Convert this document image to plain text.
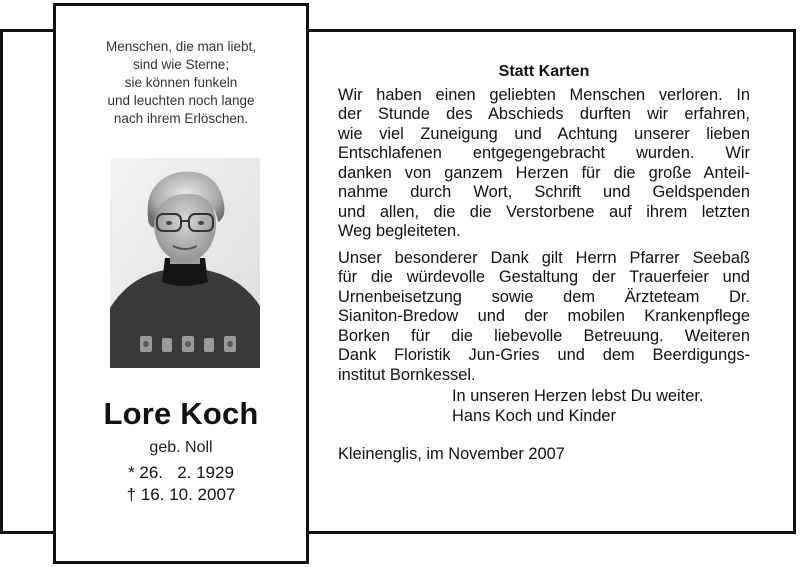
Menschen, die man liebt,
sind wie Sterne;
sie können funkeln
und leuchten noch lange
nach ihrem Erlöschen.
Lore Koch
geb. Noll
* 26.   2. 1929
† 16. 10. 2007
Statt Karten

Wir haben einen geliebten Menschen verloren. In

der Stunde des Abschieds durften wir erfahren,

wie viel Zuneigung und Achtung unserer lieben

Entschlafenen entgegengebracht wurden. Wir

danken von ganzem Herzen für die große Anteil-

nahme durch Wort, Schrift und Geldspenden

und allen, die die Verstorbene auf ihrem letzten

Weg begleiteten.

Unser besonderer Dank gilt Herrn Pfarrer Seebaß

für die würdevolle Gestaltung der Trauerfeier und

Urnenbeisetzung sowie dem Ärzteteam Dr.

Sianiton-Bredow und der mobilen Krankenpflege

Borken für die liebevolle Betreuung. Weiteren

Dank Floristik Jun-Gries und dem Beerdigungs-

institut Bornkessel.

In unseren Herzen lebst Du weiter.
Hans Koch und Kinder
Kleinenglis, im November 2007
